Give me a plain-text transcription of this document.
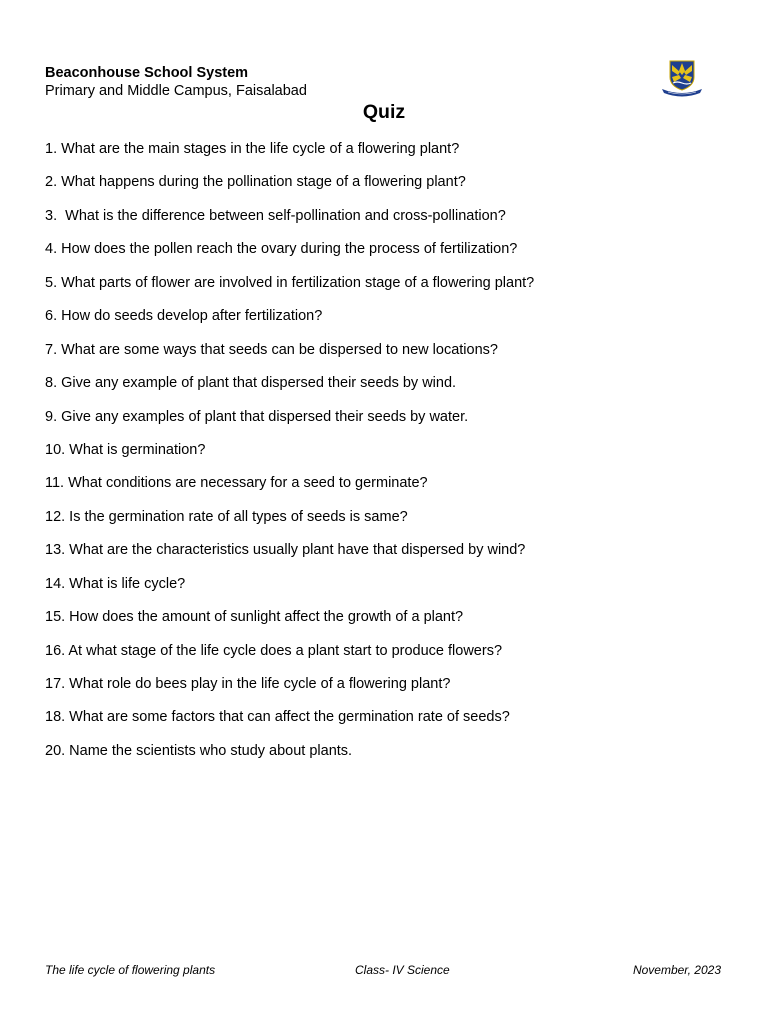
Beaconhouse School System
Primary and Middle Campus, Faisalabad
Quiz
1. What are the main stages in the life cycle of a flowering plant?
2. What happens during the pollination stage of a flowering plant?
3.  What is the difference between self-pollination and cross-pollination?
4. How does the pollen reach the ovary during the process of fertilization?
5. What parts of flower are involved in fertilization stage of a flowering plant?
6. How do seeds develop after fertilization?
7. What are some ways that seeds can be dispersed to new locations?
8. Give any example of plant that dispersed their seeds by wind.
9. Give any examples of plant that dispersed their seeds by water.
10. What is germination?
11. What conditions are necessary for a seed to germinate?
12. Is the germination rate of all types of seeds is same?
13. What are the characteristics usually plant have that dispersed by wind?
14. What is life cycle?
15. How does the amount of sunlight affect the growth of a plant?
16. At what stage of the life cycle does a plant start to produce flowers?
17. What role do bees play in the life cycle of a flowering plant?
18. What are some factors that can affect the germination rate of seeds?
20. Name the scientists who study about plants.
The life cycle of flowering plants	Class- IV Science	November, 2023
